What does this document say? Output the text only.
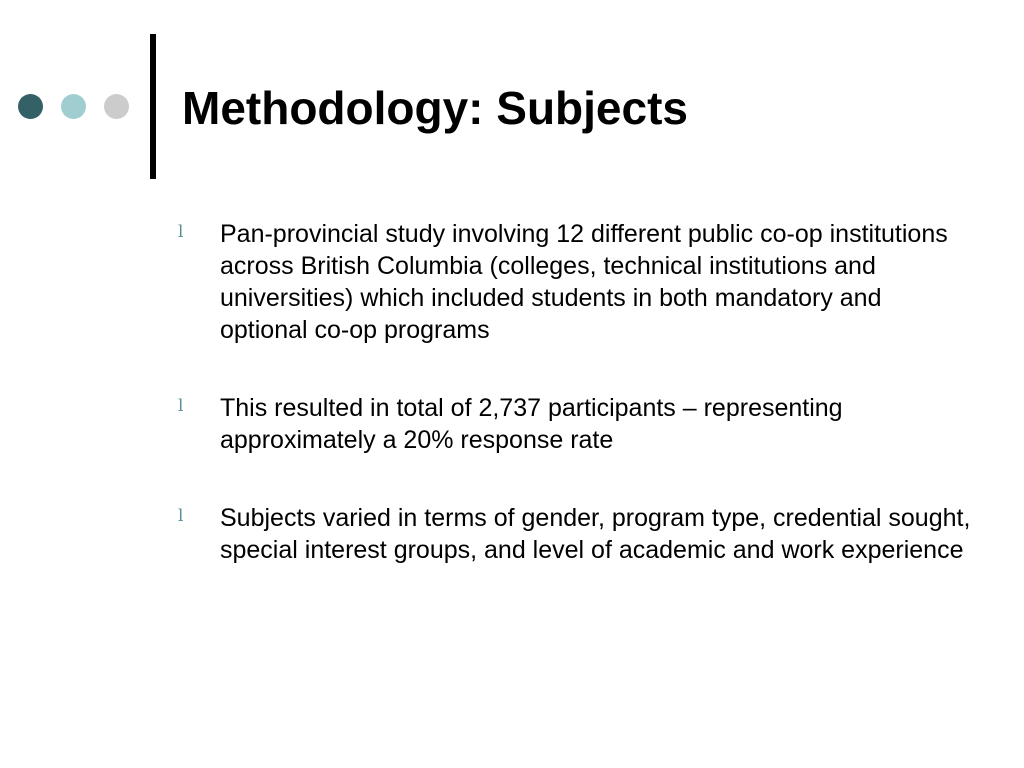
Methodology: Subjects
l Pan-provincial study involving 12 different public co-op institutions across British Columbia (colleges, technical institutions and universities) which included students in both mandatory and optional co-op programs
l This resulted in total of 2,737 participants – representing approximately a 20% response rate
l Subjects varied in terms of gender, program type, credential sought, special interest groups, and level of academic and work experience
